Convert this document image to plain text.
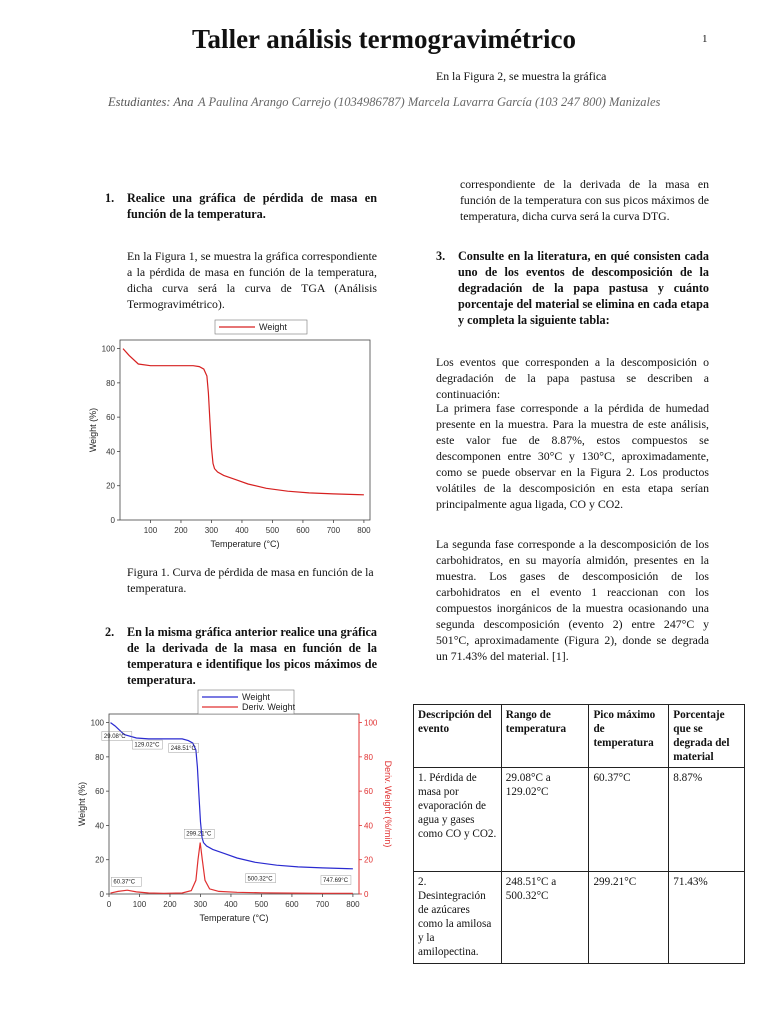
Taller análisis termogravimétrico	1
Estudiantes: Ana A Paulina Arango Carrejo (1034986787) Marcela Lavarra García (103 247 800) Manizales
En la Figura 2, se muestra la gráfica
1.	Realice una gráfica de pérdida de masa en función de la temperatura.
En la Figura 1, se muestra la gráfica correspondiente a la pérdida de masa en función de la temperatura, dicha curva será la curva de TGA (Análisis Termogravimétrico).
100 200 300 400 500 600 700 800
0
20
40
60
80
100
Temperature (°C)
Weight (%)
Weight
Figura 1. Curva de pérdida de masa en función de la temperatura.
2.	En la misma gráfica anterior realice una gráfica de la derivada de la masa en función de la temperatura e identifique los picos máximos de temperatura.
0	100 200 300 400 500 600 700 800
0
20
40
60
80
100
0
20
40
60
80
100
Temperature (°C)
Weight (%)	Deriv. Weight (%/min)
Weight
Deriv. Weight
29.08°C
129.02°C
248.51°C
299.21°C
60.37°C
500.32°C	747.69°C
correspondiente de la derivada de la masa en función de la temperatura con sus picos máximos de temperatura, dicha curva será la curva DTG.
3.	Consulte en la literatura, en qué consisten cada uno de los eventos de descomposición de la degradación de la papa pastusa y cuánto porcentaje del material se elimina en cada etapa y completa la siguiente tabla:
Los eventos que corresponden a la descomposición o degradación de la papa pastusa se describen a continuación:
La primera fase corresponde a la pérdida de humedad presente en la muestra. Para la muestra de este análisis, este valor fue de 8.87%, estos compuestos se descomponen entre 30°C y 130°C, aproximadamente, como se puede observar en la Figura 2. Los productos volátiles de la descomposición en esta etapa serían principalmente agua ligada, CO y CO2.
La segunda fase corresponde a la descomposición de los carbohidratos, en su mayoría almidón, presentes en la muestra. Los gases de descomposición de los carbohidratos en el evento 1 reaccionan con los compuestos inorgánicos de la muestra ocasionando una segunda descomposición (evento 2) entre 247°C y 501°C, aproximadamente (Figura 2), donde se degrada un 71.43% del material. [1].
Descripción del evento	Rango de temperatura	Pico máximo de temperatura	Porcentaje que se degrada del material
1. Pérdida de masa por evaporación de agua y gases como CO y CO2.	29.08°C a 129.02°C	60.37°C	8.87%
2. Desintegración de azúcares como la amilosa y la amilopectina.	248.51°C a 500.32°C	299.21°C	71.43%
